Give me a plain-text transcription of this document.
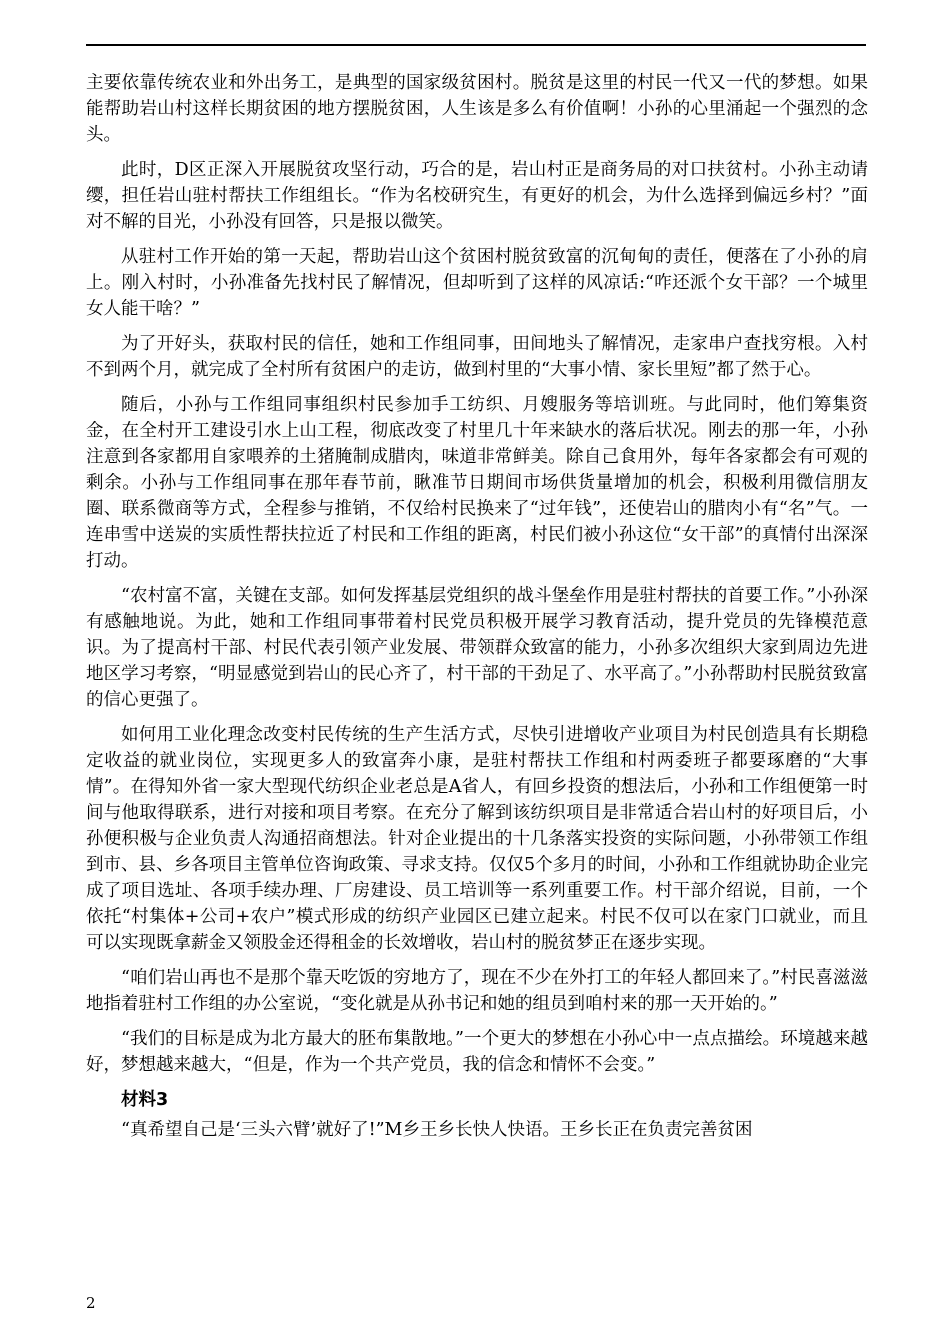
主要依靠传统农业和外出务工，是典型的国家级贫困村。脱贫是这里的村民一代又一代的梦想。如果能帮助岩山村这样长期贫困的地方摆脱贫困，人生该是多么有价值啊！小孙的心里涌起一个强烈的念头。

此时，D区正深入开展脱贫攻坚行动，巧合的是，岩山村正是商务局的对口扶贫村。小孙主动请缨，担任岩山驻村帮扶工作组组长。“作为名校研究生，有更好的机会，为什么选择到偏远乡村？”面对不解的目光，小孙没有回答，只是报以微笑。

从驻村工作开始的第一天起，帮助岩山这个贫困村脱贫致富的沉甸甸的责任，便落在了小孙的肩上。刚入村时，小孙准备先找村民了解情况，但却听到了这样的风凉话:“咋还派个女干部？一个城里女人能干啥？”

为了开好头，获取村民的信任，她和工作组同事，田间地头了解情况，走家串户查找穷根。入村不到两个月，就完成了全村所有贫困户的走访，做到村里的“大事小情、家长里短”都了然于心。

随后，小孙与工作组同事组织村民参加手工纺织、月嫂服务等培训班。与此同时，他们筹集资金，在全村开工建设引水上山工程，彻底改变了村里几十年来缺水的落后状况。刚去的那一年，小孙注意到各家都用自家喂养的土猪腌制成腊肉，味道非常鲜美。除自己食用外，每年各家都会有可观的剩余。小孙与工作组同事在那年春节前，瞅准节日期间市场供货量增加的机会，积极利用微信朋友圈、联系微商等方式，全程参与推销，不仅给村民换来了“过年钱”，还使岩山的腊肉小有“名”气。一连串雪中送炭的实质性帮扶拉近了村民和工作组的距离，村民们被小孙这位“女干部”的真情付出深深打动。

“农村富不富，关键在支部。如何发挥基层党组织的战斗堡垒作用是驻村帮扶的首要工作。”小孙深有感触地说。为此，她和工作组同事带着村民党员积极开展学习教育活动，提升党员的先锋模范意识。为了提高村干部、村民代表引领产业发展、带领群众致富的能力，小孙多次组织大家到周边先进地区学习考察，“明显感觉到岩山的民心齐了，村干部的干劲足了、水平高了。”小孙帮助村民脱贫致富的信心更强了。

如何用工业化理念改变村民传统的生产生活方式，尽快引进增收产业项目为村民创造具有长期稳定收益的就业岗位，实现更多人的致富奔小康，是驻村帮扶工作组和村两委班子都要琢磨的“大事情”。在得知外省一家大型现代纺织企业老总是A省人，有回乡投资的想法后，小孙和工作组便第一时间与他取得联系，进行对接和项目考察。在充分了解到该纺织项目是非常适合岩山村的好项目后，小孙便积极与企业负责人沟通招商想法。针对企业提出的十几条落实投资的实际问题，小孙带领工作组到市、县、乡各项目主管单位咨询政策、寻求支持。仅仅5个多月的时间，小孙和工作组就协助企业完成了项目选址、各项手续办理、厂房建设、员工培训等一系列重要工作。村干部介绍说，目前，一个依托“村集体+公司+农户”模式形成的纺织产业园区已建立起来。村民不仅可以在家门口就业，而且可以实现既拿薪金又领股金还得租金的长效增收，岩山村的脱贫梦正在逐步实现。

“咱们岩山再也不是那个靠天吃饭的穷地方了，现在不少在外打工的年轻人都回来了。”村民喜滋滋地指着驻村工作组的办公室说，“变化就是从孙书记和她的组员到咱村来的那一天开始的。”

“我们的目标是成为北方最大的胚布集散地。”一个更大的梦想在小孙心中一点点描绘。环境越来越好，梦想越来越大，“但是，作为一个共产党员，我的信念和情怀不会变。”

材料3

“真希望自己是‘三头六臂’就好了!”M乡王乡长快人快语。王乡长正在负责完善贫困

2
